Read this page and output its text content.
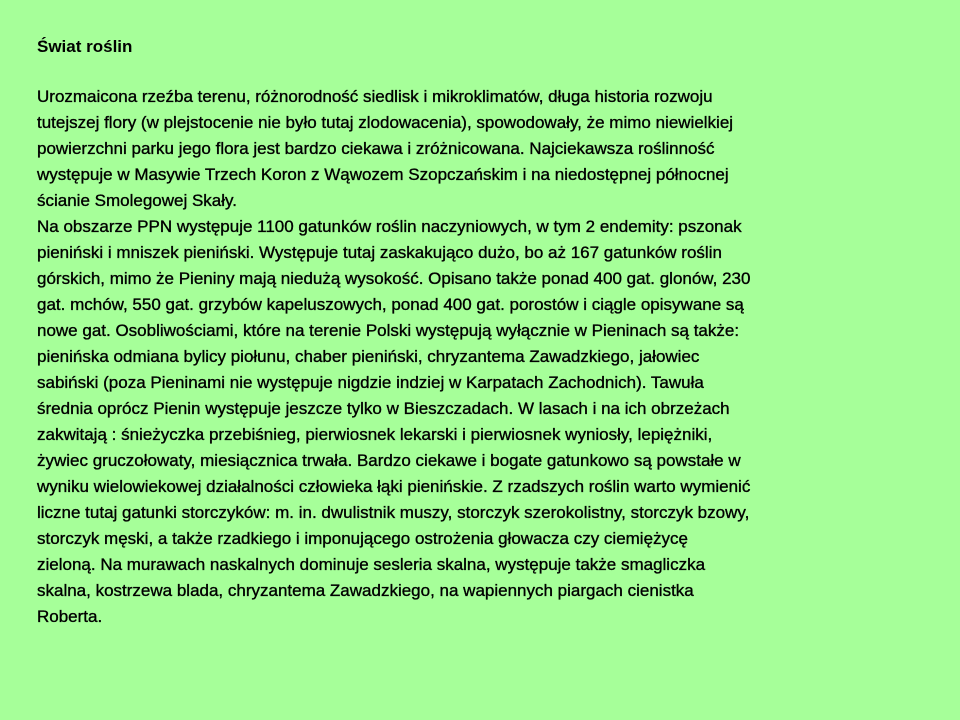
Świat roślin

Urozmaicona rzeźba terenu, różnorodność siedlisk i mikroklimatów, długa historia rozwoju
tutejszej flory (w plejstocenie nie było tutaj zlodowacenia), spowodowały, że mimo niewielkiej
powierzchni parku jego flora jest bardzo ciekawa i zróżnicowana. Najciekawsza roślinność
występuje w Masywie Trzech Koron z Wąwozem Szopczańskim i na niedostępnej północnej
ścianie Smolegowej Skały.

Na obszarze PPN występuje 1100 gatunków roślin naczyniowych, w tym 2 endemity: pszonak
pieniński i mniszek pieniński. Występuje tutaj zaskakująco dużo, bo aż 167 gatunków roślin
górskich, mimo że Pieniny mają niedużą wysokość. Opisano także ponad 400 gat. glonów, 230
gat. mchów, 550 gat. grzybów kapeluszowych, ponad 400 gat. porostów i ciągle opisywane są
nowe gat. Osobliwościami, które na terenie Polski występują wyłącznie w Pieninach są także:
pienińska odmiana bylicy piołunu, chaber pieniński, chryzantema Zawadzkiego, jałowiec
sabiński (poza Pieninami nie występuje nigdzie indziej w Karpatach Zachodnich). Tawuła
średnia oprócz Pienin występuje jeszcze tylko w Bieszczadach. W lasach i na ich obrzeżach
zakwitają : śnieżyczka przebiśnieg, pierwiosnek lekarski i pierwiosnek wyniosły, lepiężniki,
żywiec gruczołowaty, miesiącznica trwała. Bardzo ciekawe i bogate gatunkowo są powstałe w
wyniku wielowiekowej działalności człowieka łąki pienińskie. Z rzadszych roślin warto wymienić
liczne tutaj gatunki storczyków: m. in. dwulistnik muszy, storczyk szerokolistny, storczyk bzowy,
storczyk męski, a także rzadkiego i imponującego ostrożenia głowacza czy ciemiężycę
zieloną. Na murawach naskalnych dominuje sesleria skalna, występuje także smagliczka
skalna, kostrzewa blada, chryzantema Zawadzkiego, na wapiennych piargach cienistka
Roberta.
